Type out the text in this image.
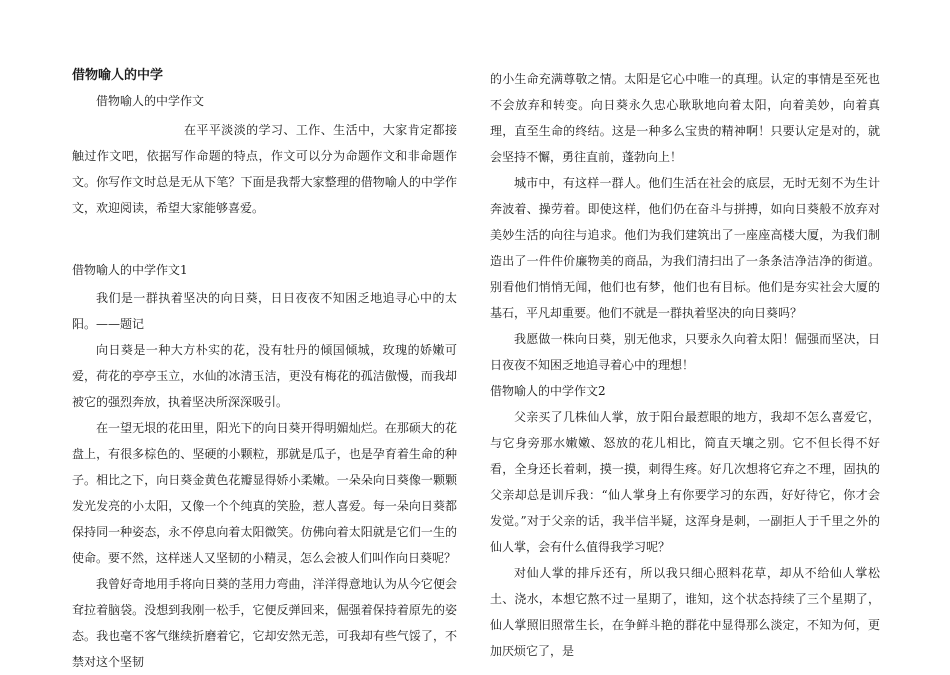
借物喻人的中学

借物喻人的中学作文

在平平淡淡的学习、工作、生活中，大家肯定都接触过作文吧，依据写作命题的特点，作文可以分为命题作文和非命题作文。你写作文时总是无从下笔？下面是我帮大家整理的借物喻人的中学作文，欢迎阅读，希望大家能够喜爱。

借物喻人的中学作文1

我们是一群执着坚决的向日葵，日日夜夜不知困乏地追寻心中的太阳。——题记

向日葵是一种大方朴实的花，没有牡丹的倾国倾城，玫瑰的娇嫩可爱，荷花的亭亭玉立，水仙的冰清玉洁，更没有梅花的孤洁傲慢，而我却被它的强烈奔放，执着坚决所深深吸引。

在一望无垠的花田里，阳光下的向日葵开得明媚灿烂。在那硕大的花盘上，有很多棕色的、坚硬的小颗粒，那就是瓜子，也是孕育着生命的种子。相比之下，向日葵金黄色花瓣显得娇小柔嫩。一朵朵向日葵像一颗颗发光发亮的小太阳，又像一个个纯真的笑脸，惹人喜爱。每一朵向日葵都保持同一种姿态，永不停息向着太阳微笑。仿佛向着太阳就是它们一生的使命。要不然，这样迷人又坚韧的小精灵，怎么会被人们叫作向日葵呢？

我曾好奇地用手将向日葵的茎用力弯曲，洋洋得意地认为从今它便会耷拉着脑袋。没想到我刚一松手，它便反弹回来，倔强着保持着原先的姿态。我也毫不客气继续折磨着它，它却安然无恙，可我却有些气馁了，不禁对这个坚韧

的小生命充满尊敬之情。太阳是它心中唯一的真理。认定的事情是至死也不会放弃和转变。向日葵永久忠心耿耿地向着太阳，向着美妙，向着真理，直至生命的终结。这是一种多么宝贵的精神啊！只要认定是对的，就会坚持不懈，勇往直前，蓬勃向上！

城市中，有这样一群人。他们生活在社会的底层，无时无刻不为生计奔波着、操劳着。即使这样，他们仍在奋斗与拼搏，如向日葵般不放弃对美妙生活的向往与追求。他们为我们建筑出了一座座高楼大厦，为我们制造出了一件件价廉物美的商品，为我们清扫出了一条条洁净洁净的街道。别看他们悄悄无闻，他们也有梦，他们也有目标。他们是夯实社会大厦的基石，平凡却重要。他们不就是一群执着坚决的向日葵吗？

我愿做一株向日葵，别无他求，只要永久向着太阳！倔强而坚决，日日夜夜不知困乏地追寻着心中的理想！

借物喻人的中学作文2

父亲买了几株仙人掌，放于阳台最惹眼的地方，我却不怎么喜爱它，与它身旁那水嫩嫩、怒放的花儿相比，简直天壤之别。它不但长得不好看，全身还长着刺，摸一摸，刺得生疼。好几次想将它弃之不理，固执的父亲却总是训斥我：“仙人掌身上有你要学习的东西，好好待它，你才会发觉。”对于父亲的话，我半信半疑，这浑身是刺，一副拒人于千里之外的仙人掌，会有什么值得我学习呢？

对仙人掌的排斥还有，所以我只细心照料花草，却从不给仙人掌松土、浇水，本想它熬不过一星期了，谁知，这个状态持续了三个星期了，仙人掌照旧照常生长，在争鲜斗艳的群花中显得那么淡定，不知为何，更加厌烦它了，是
